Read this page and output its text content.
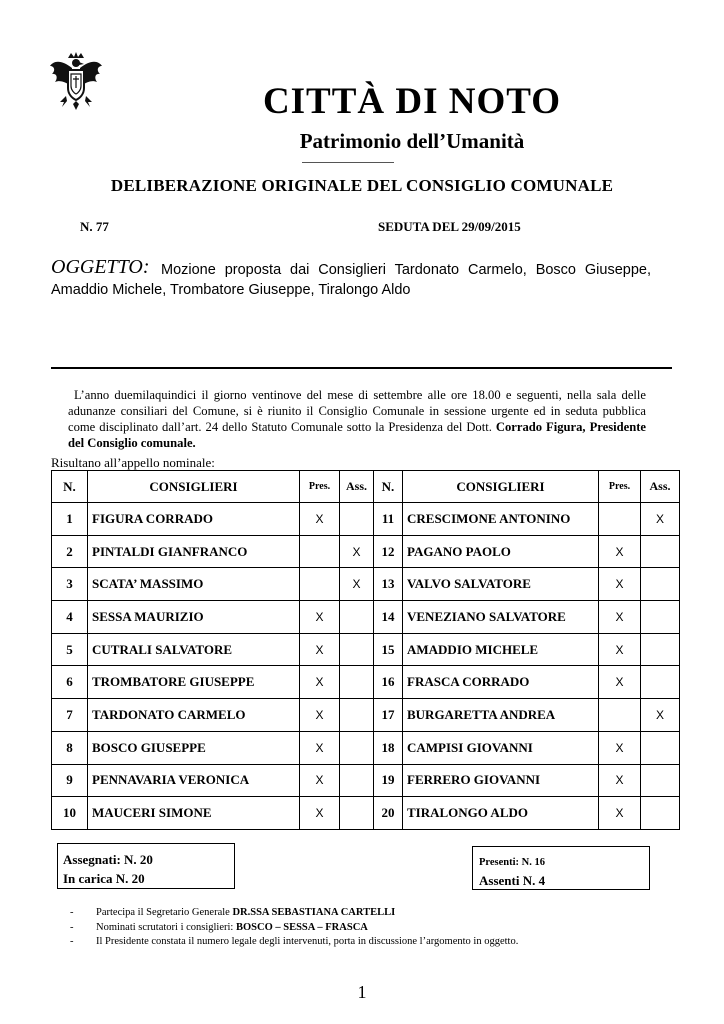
CITTÀ DI NOTO
Patrimonio dell’Umanità
DELIBERAZIONE ORIGINALE DEL CONSIGLIO COMUNALE
N. 77	SEDUTA DEL 29/09/2015
OGGETTO: Mozione proposta dai Consiglieri Tardonato Carmelo, Bosco Giuseppe, Amaddio Michele, Trombatore Giuseppe, Tiralongo Aldo
L’anno duemilaquindici il giorno ventinove del mese di settembre alle ore 18.00 e seguenti, nella sala delle adunanze consiliari del Comune, si è riunito il Consiglio Comunale in sessione urgente ed in seduta pubblica come disciplinato dall’art. 24 dello Statuto Comunale sotto la Presidenza del Dott. Corrado Figura, Presidente del Consiglio comunale.
Risultano all’appello nominale:
N.	CONSIGLIERI	Pres.	Ass.	N.	CONSIGLIERI	Pres.	Ass.
1	FIGURA CORRADO	X		11	CRESCIMONE ANTONINO		X
2	PINTALDI GIANFRANCO		X	12	PAGANO PAOLO	X	
3	SCATA’ MASSIMO		X	13	VALVO SALVATORE	X	
4	SESSA MAURIZIO	X		14	VENEZIANO SALVATORE	X	
5	CUTRALI SALVATORE	X		15	AMADDIO MICHELE	X	
6	TROMBATORE GIUSEPPE	X		16	FRASCA CORRADO	X	
7	TARDONATO CARMELO	X		17	BURGARETTA ANDREA		X
8	BOSCO GIUSEPPE	X		18	CAMPISI GIOVANNI	X	
9	PENNAVARIA VERONICA	X		19	FERRERO GIOVANNI	X	
10	MAUCERI SIMONE	X		20	TIRALONGO ALDO	X	
Assegnati: N. 20
In carica N. 20
Presenti: N. 16
Assenti N. 4
- Partecipa il Segretario Generale DR.SSA SEBASTIANA CARTELLI
- Nominati scrutatori i consiglieri: BOSCO – SESSA – FRASCA
- Il Presidente constata il numero legale degli intervenuti, porta in discussione l’argomento in oggetto.
1
